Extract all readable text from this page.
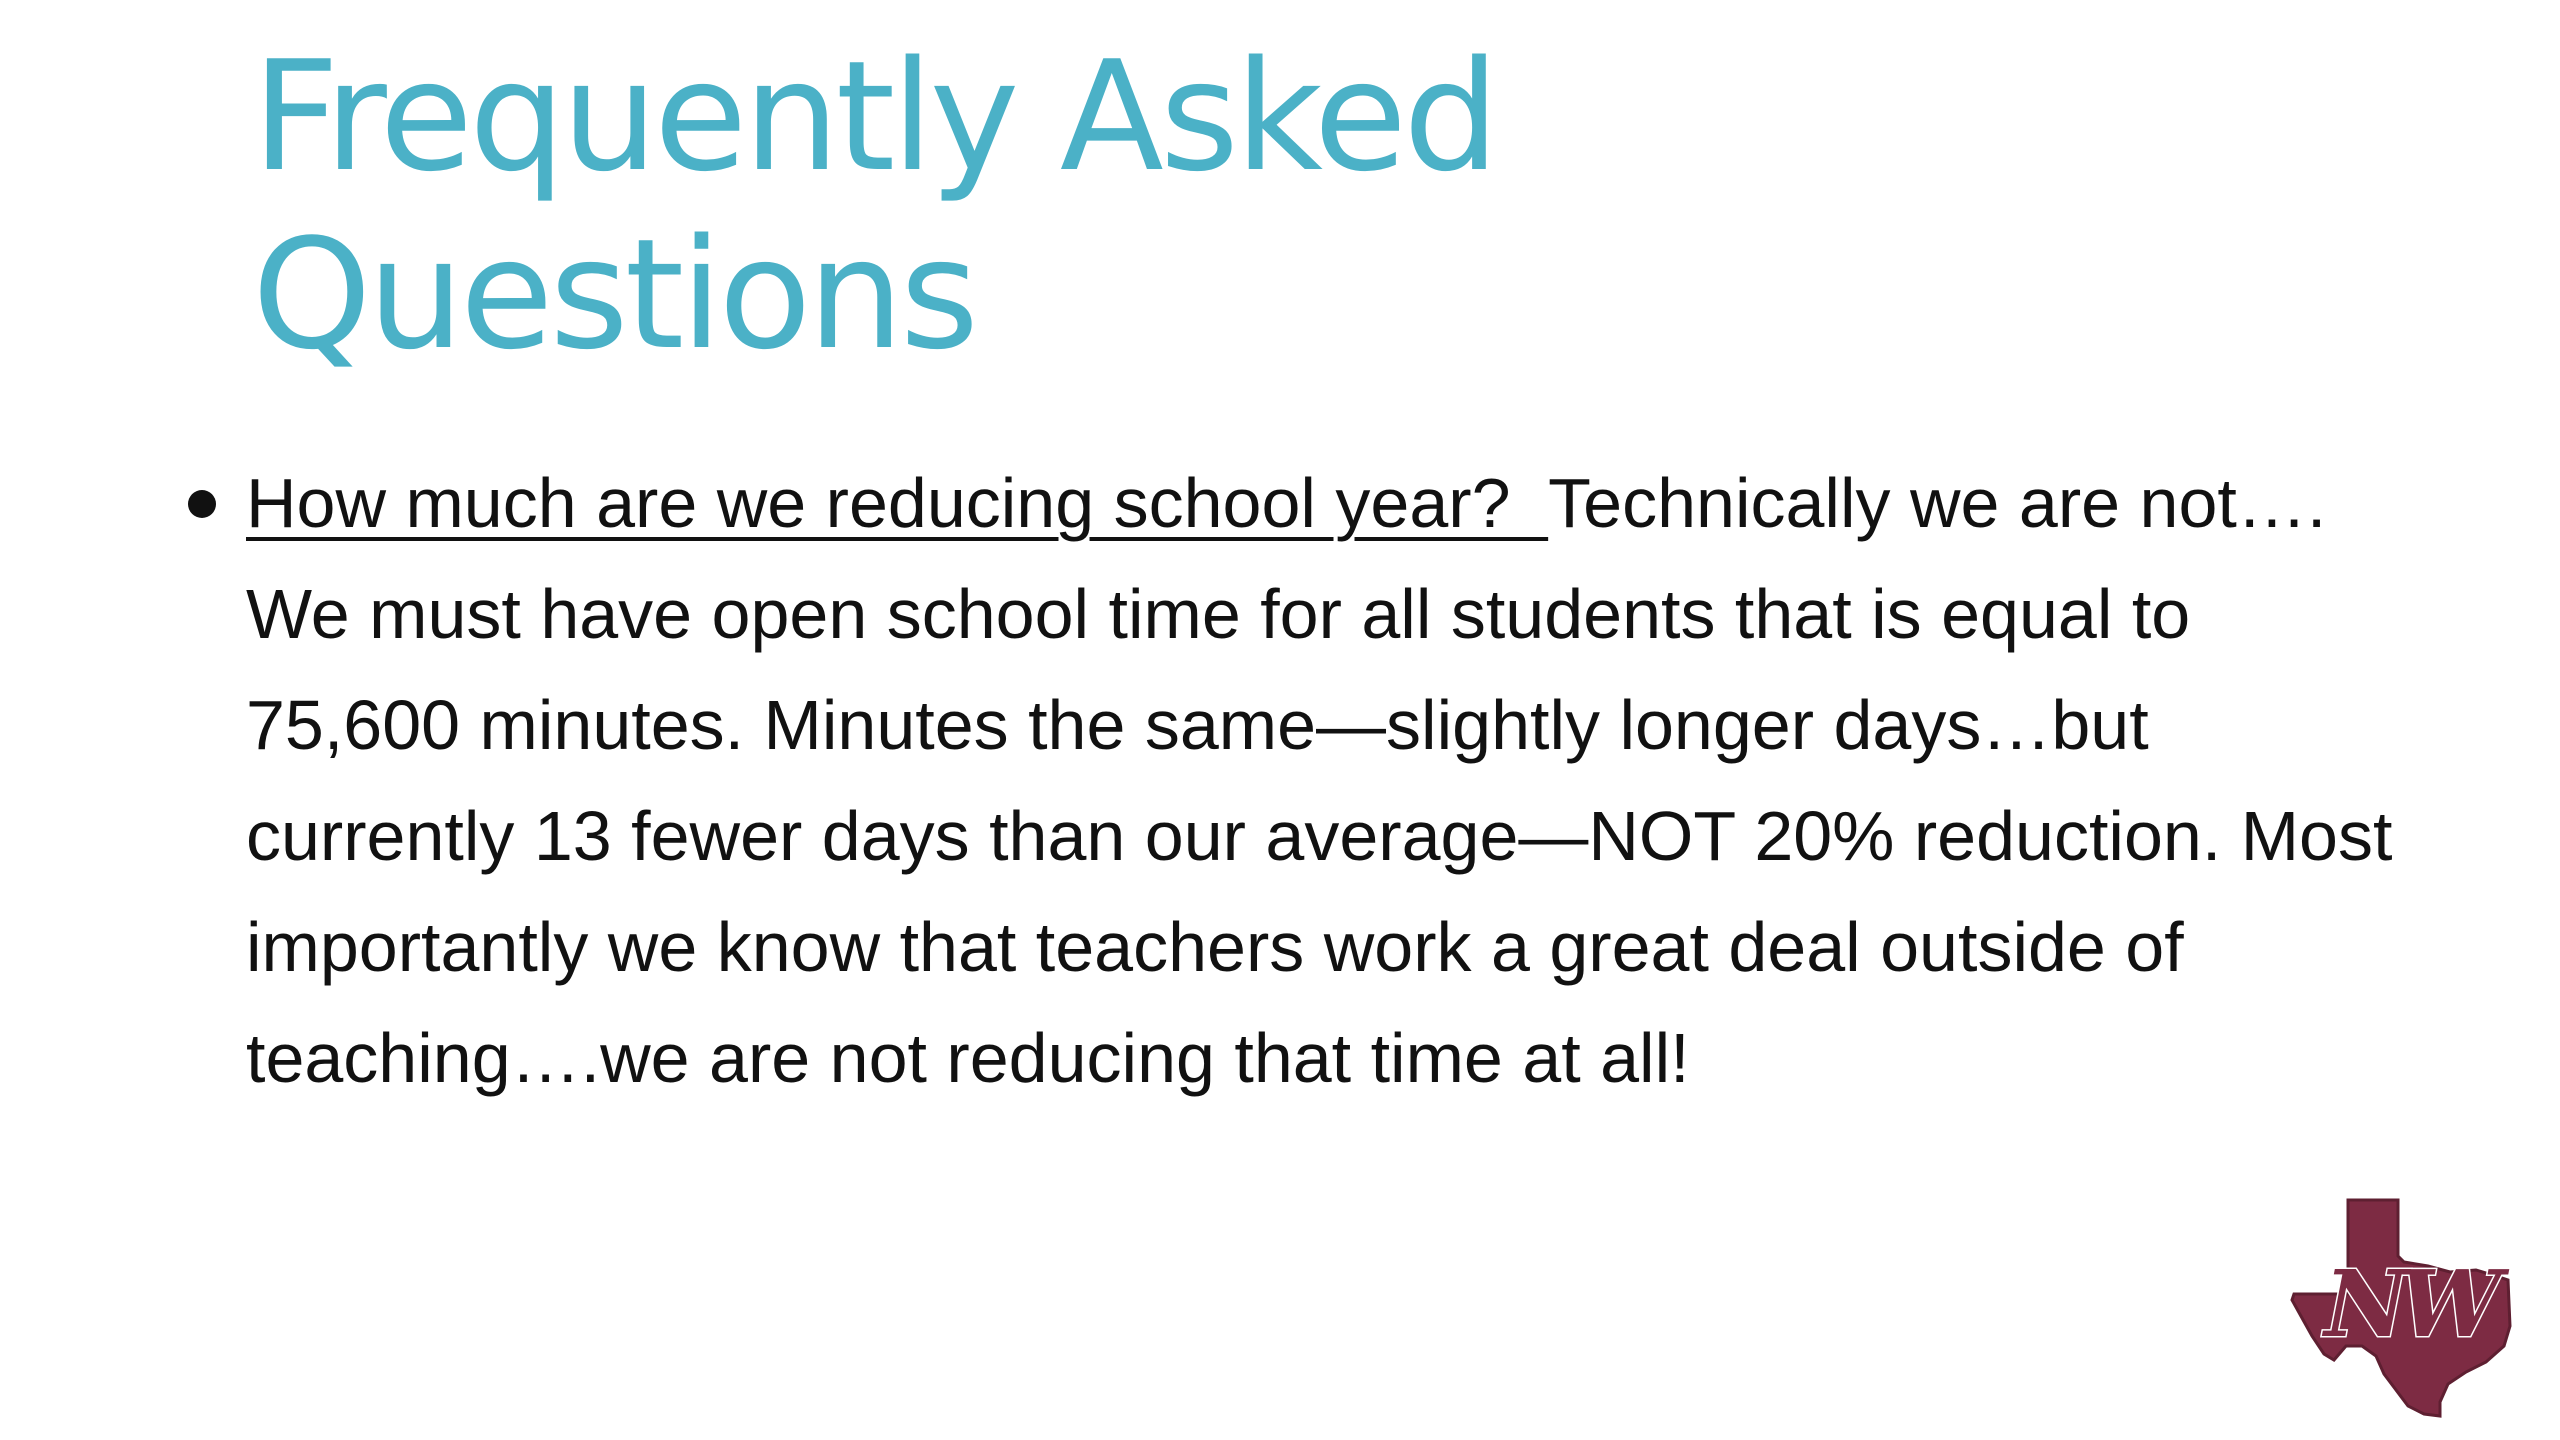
Frequently Asked
Questions
How much are we reducing school year?  Technically we are not…. We must have open school time for all students that is equal to 75,600 minutes. Minutes the same—slightly longer days…but currently 13 fewer days than our average—NOT 20% reduction. Most importantly we know that teachers work a great deal outside of teaching….we are not reducing that time at all!
NW
